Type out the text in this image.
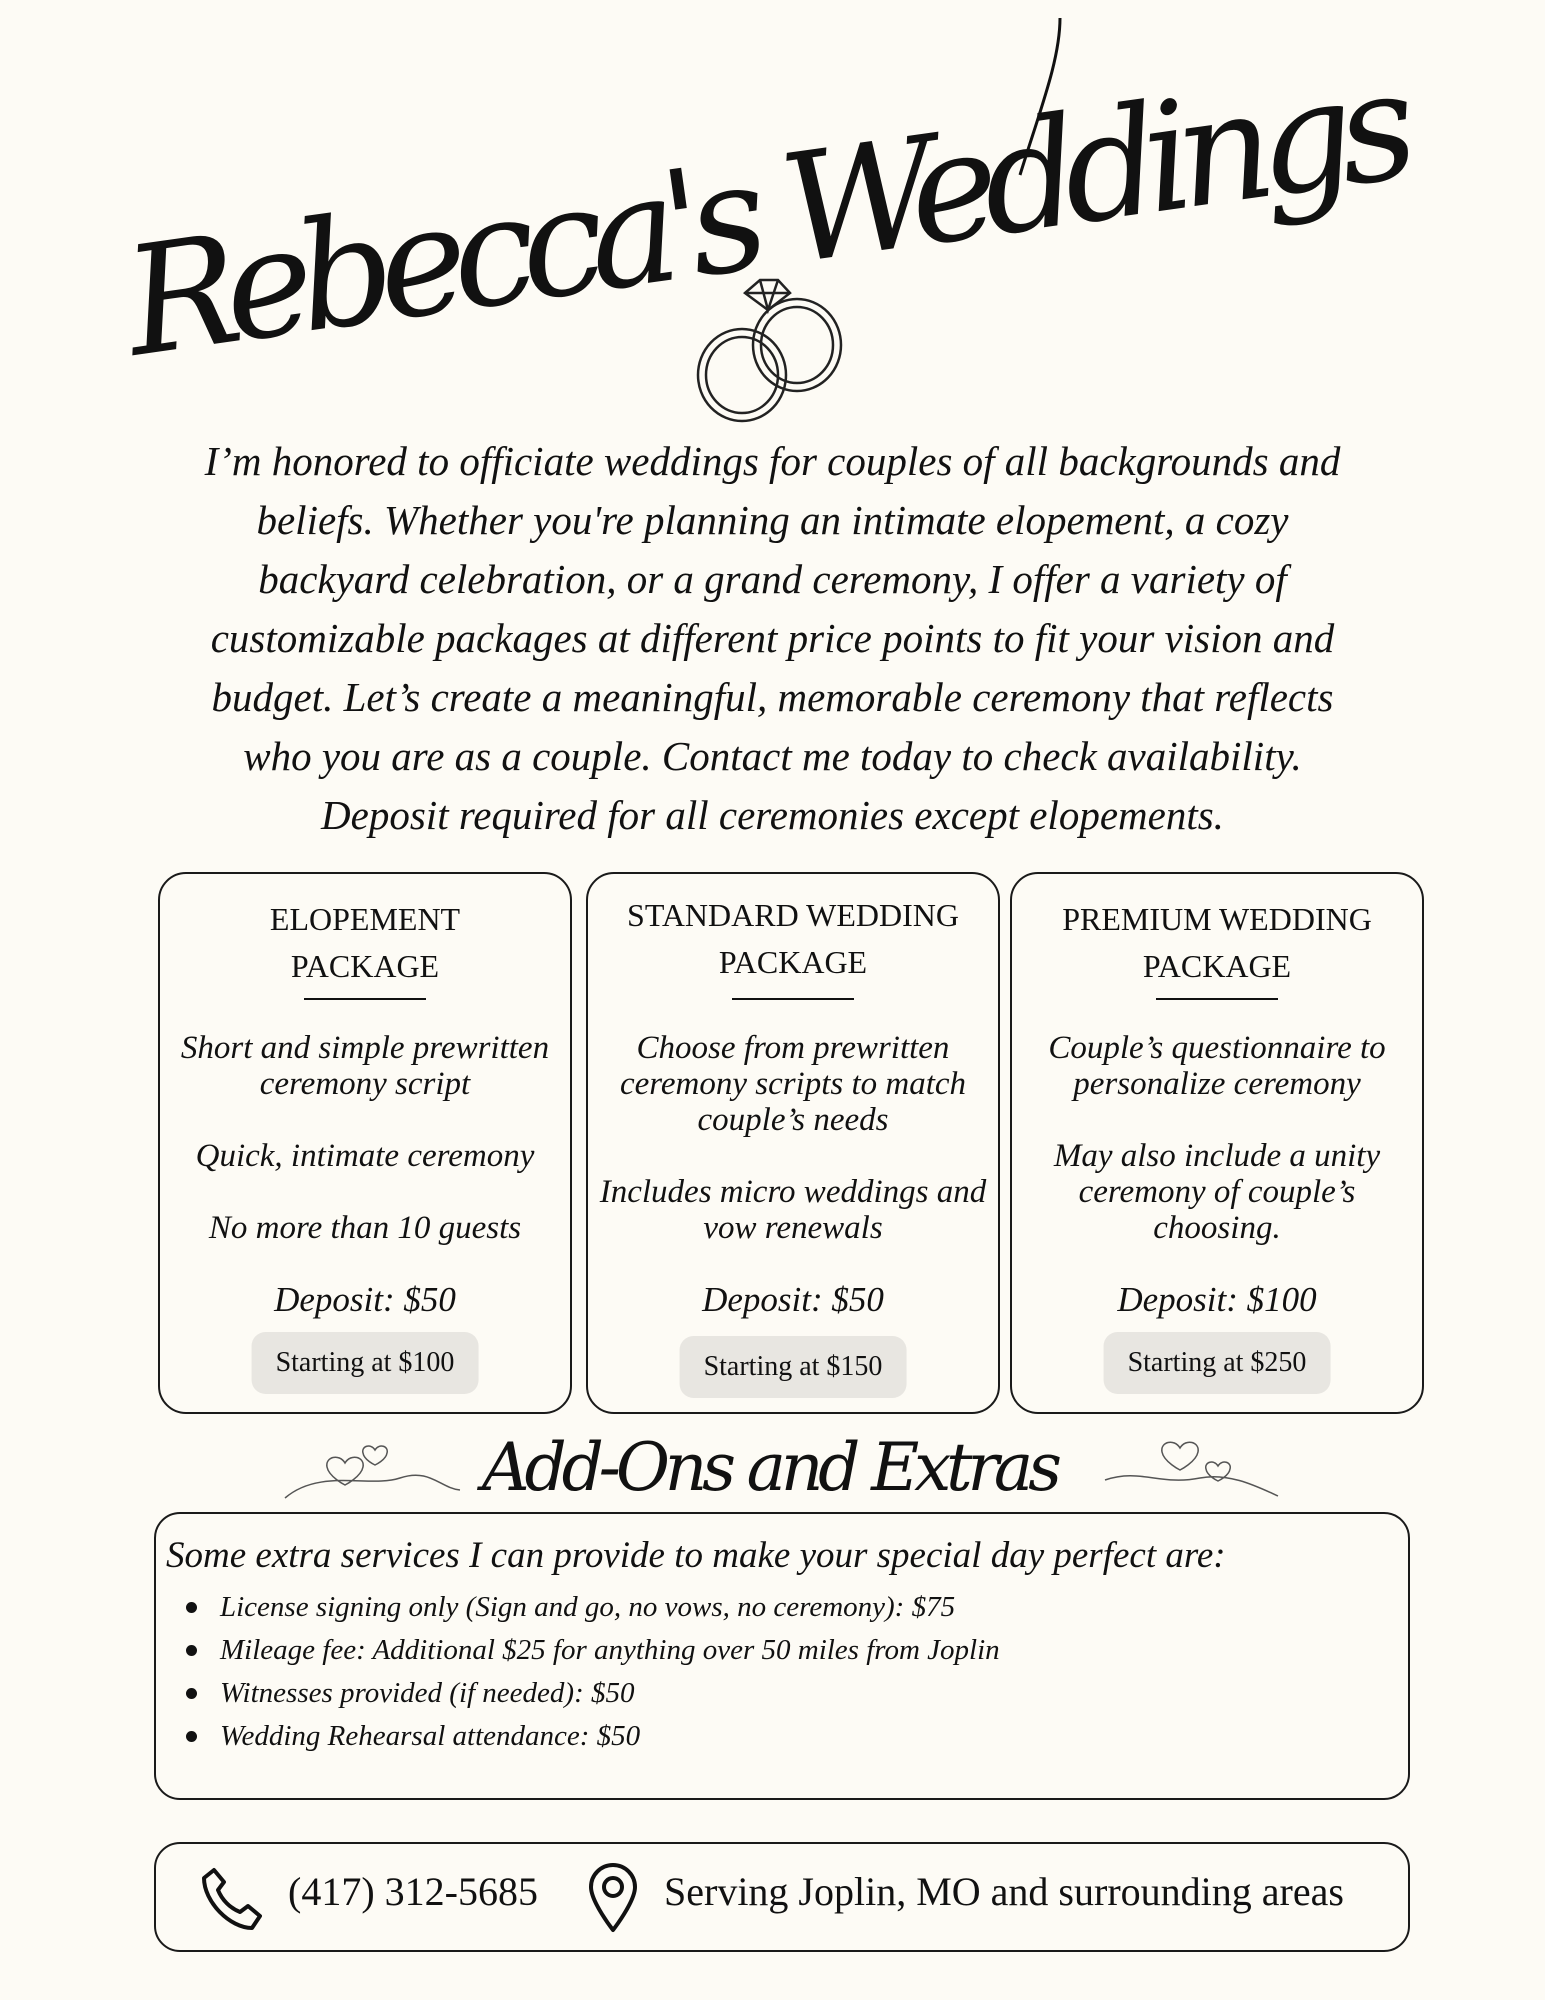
Rebecca's Weddings

I’m honored to officiate weddings for couples of all backgrounds and beliefs. Whether you're planning an intimate elopement, a cozy backyard celebration, or a grand ceremony, I offer a variety of customizable packages at different price points to fit your vision and budget. Let’s create a meaningful, memorable ceremony that reflects who you are as a couple. Contact me today to check availability. Deposit required for all ceremonies except elopements.

ELOPEMENT
PACKAGE
Short and simple prewritten ceremony script
Quick, intimate ceremony
No more than 10 guests
Deposit: $50
Starting at $100
STANDARD WEDDING
PACKAGE
Choose from prewritten ceremony scripts to match couple’s needs
Includes micro weddings and vow renewals
Deposit: $50
Starting at $150
PREMIUM WEDDING
PACKAGE
Couple’s questionnaire to personalize ceremony
May also include a unity ceremony of couple’s choosing.
Deposit: $100
Starting at $250
Add-Ons and Extras

Some extra services I can provide to make your special day perfect are:

License signing only (Sign and go, no vows, no ceremony): $75
Mileage fee: Additional $25 for anything over 50 miles from Joplin
Witnesses provided (if needed): $50
Wedding Rehearsal attendance: $50
(417) 312-5685	Serving Joplin, MO and surrounding areas
